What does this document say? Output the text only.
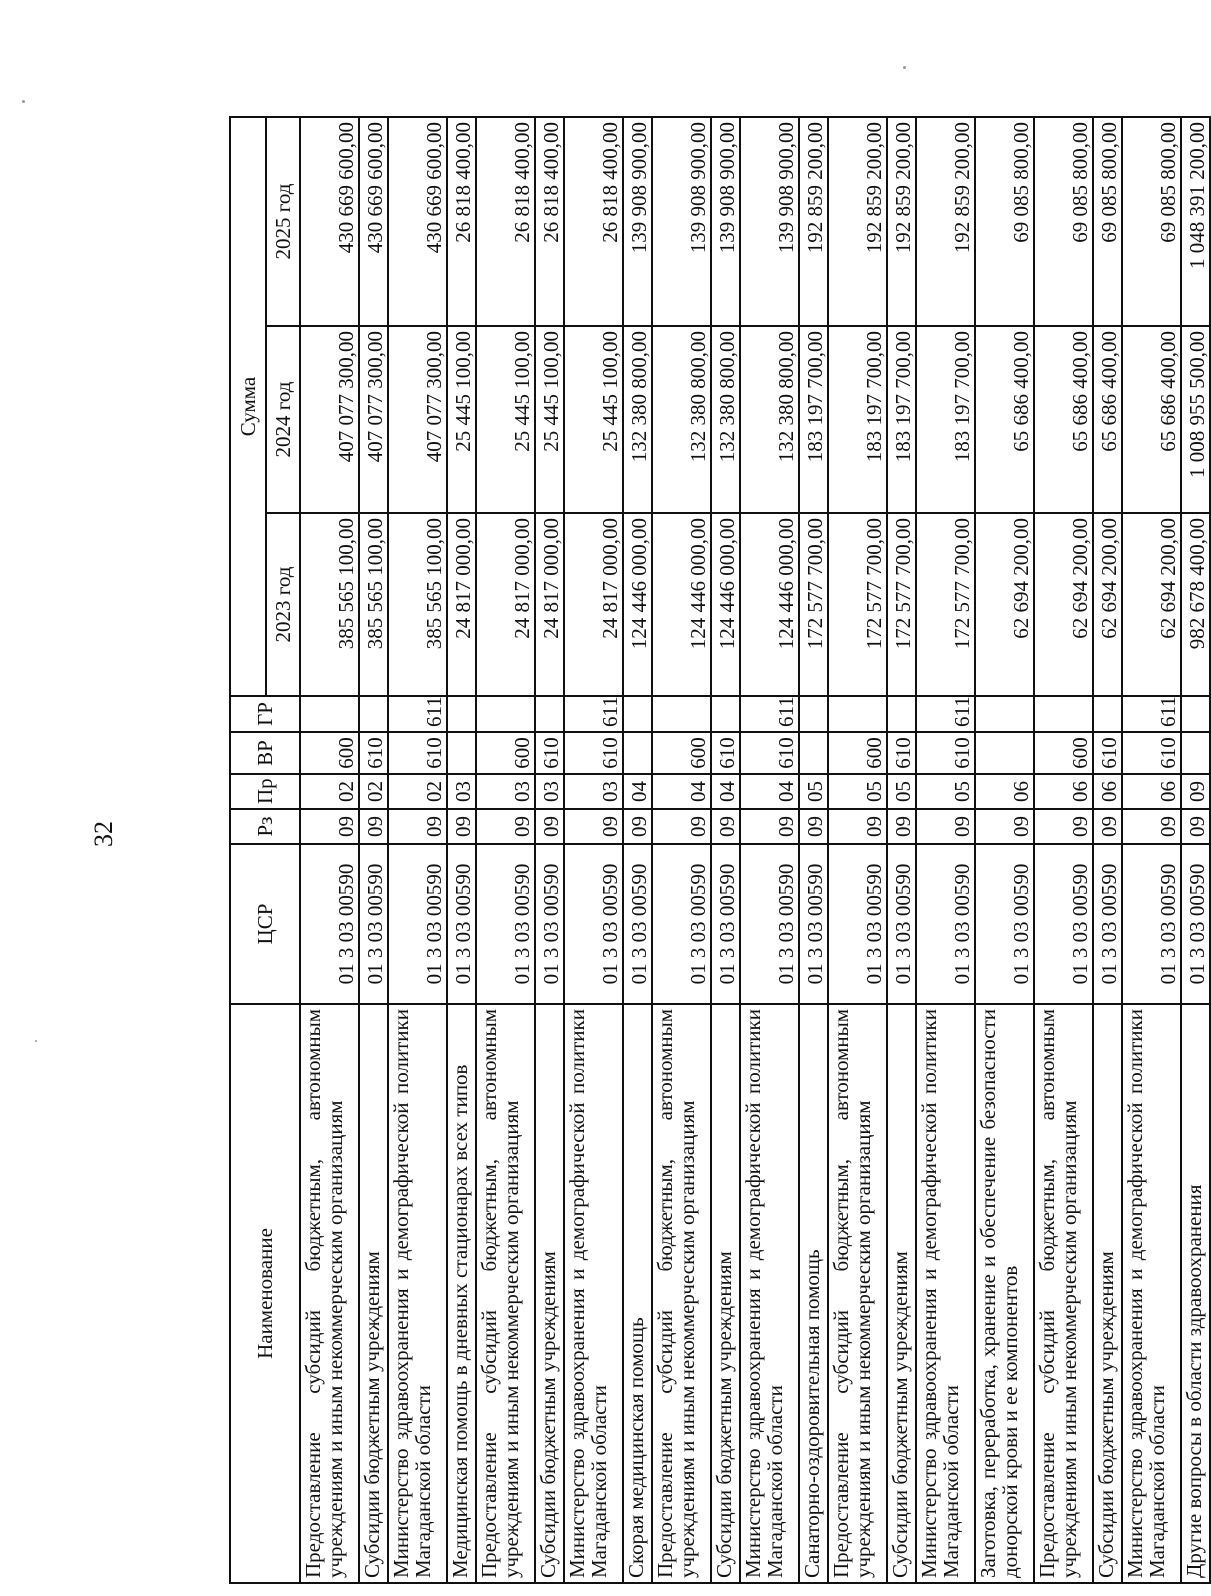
32
Наименование	ЦСР	Рз	Пр	ВР	ГР	Сумма		
						2023 год	2024 год	2025 год
Предоставление субсидий бюджетным, автономным учреждениям и иным некоммерческим организациям	01 3 03 00590	09	02	600		385 565 100,00	407 077 300,00	430 669 600,00
Субсидии бюджетным учреждениям	01 3 03 00590	09	02	610		385 565 100,00	407 077 300,00	430 669 600,00
Министерство здравоохранения и демографической политики Магаданской области	01 3 03 00590	09	02	610	611	385 565 100,00	407 077 300,00	430 669 600,00
Медицинская помощь в дневных стационарах всех типов	01 3 03 00590	09	03			24 817 000,00	25 445 100,00	26 818 400,00
Предоставление субсидий бюджетным, автономным учреждениям и иным некоммерческим организациям	01 3 03 00590	09	03	600		24 817 000,00	25 445 100,00	26 818 400,00
Субсидии бюджетным учреждениям	01 3 03 00590	09	03	610		24 817 000,00	25 445 100,00	26 818 400,00
Министерство здравоохранения и демографической политики Магаданской области	01 3 03 00590	09	03	610	611	24 817 000,00	25 445 100,00	26 818 400,00
Скорая медицинская помощь	01 3 03 00590	09	04			124 446 000,00	132 380 800,00	139 908 900,00
Предоставление субсидий бюджетным, автономным учреждениям и иным некоммерческим организациям	01 3 03 00590	09	04	600		124 446 000,00	132 380 800,00	139 908 900,00
Субсидии бюджетным учреждениям	01 3 03 00590	09	04	610		124 446 000,00	132 380 800,00	139 908 900,00
Министерство здравоохранения и демографической политики Магаданской области	01 3 03 00590	09	04	610	611	124 446 000,00	132 380 800,00	139 908 900,00
Санаторно-оздоровительная помощь	01 3 03 00590	09	05			172 577 700,00	183 197 700,00	192 859 200,00
Предоставление субсидий бюджетным, автономным учреждениям и иным некоммерческим организациям	01 3 03 00590	09	05	600		172 577 700,00	183 197 700,00	192 859 200,00
Субсидии бюджетным учреждениям	01 3 03 00590	09	05	610		172 577 700,00	183 197 700,00	192 859 200,00
Министерство здравоохранения и демографической политики Магаданской области	01 3 03 00590	09	05	610	611	172 577 700,00	183 197 700,00	192 859 200,00
Заготовка, переработка, хранение и обеспечение безопасности донорской крови и ее компонентов	01 3 03 00590	09	06			62 694 200,00	65 686 400,00	69 085 800,00
Предоставление субсидий бюджетным, автономным учреждениям и иным некоммерческим организациям	01 3 03 00590	09	06	600		62 694 200,00	65 686 400,00	69 085 800,00
Субсидии бюджетным учреждениям	01 3 03 00590	09	06	610		62 694 200,00	65 686 400,00	69 085 800,00
Министерство здравоохранения и демографической политики Магаданской области	01 3 03 00590	09	06	610	611	62 694 200,00	65 686 400,00	69 085 800,00
Другие вопросы в области здравоохранения	01 3 03 00590	09	09			982 678 400,00	1 008 955 500,00	1 048 391 200,00
